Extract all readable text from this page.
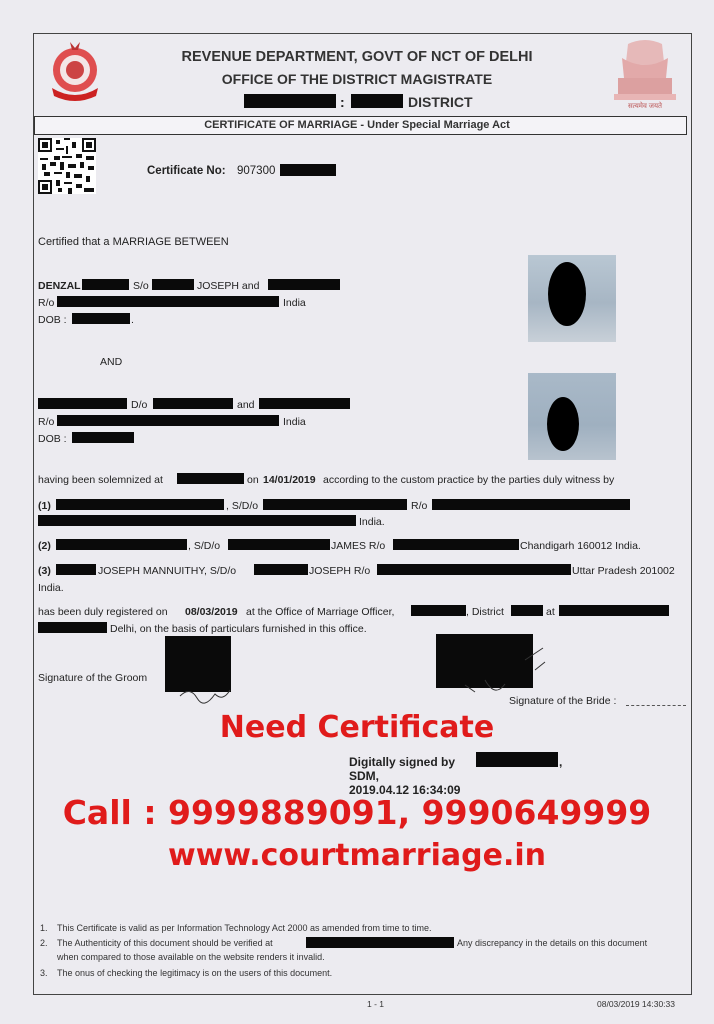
सत्यमेव जयते
REVENUE DEPARTMENT, GOVT OF NCT OF DELHI
OFFICE OF THE DISTRICT MAGISTRATE
:	DISTRICT
CERTIFICATE OF MARRIAGE - Under Special Marriage Act
Certificate No: 907300
Certified that a MARRIAGE BETWEEN
DENZAL	S/o	JOSEPH and
R/o	India
DOB :	.
AND
D/o	and
R/o	India
DOB :
having been solemnized at	on 14/01/2019 according to the custom practice by the parties duly witness by
(1)	, S/D/o	R/o
India.
(2)	, S/D/o	JAMES R/o	Chandigarh 160012 India.
(3)	JOSEPH MANNUITHY, S/D/o	JOSEPH R/o	Uttar Pradesh 201002
India.
has been duly registered on 08/03/2019 at the Office of Marriage Officer,	, District	at
Delhi, on the basis of particulars furnished in this office.
Signature of the Groom
Signature of the Bride :
Need Certificate
Digitally signed by	,
SDM,
2019.04.12 16:34:09
Call : 9999889091, 9990649999
www.courtmarriage.in
1. This Certificate is valid as per Information Technology Act 2000 as amended from time to time.
2. The Authenticity of this document should be verified at	Any discrepancy in the details on this document
when compared to those available on the website renders it invalid.
3. The onus of checking the legitimacy is on the users of this document.
1 - 1	08/03/2019 14:30:33
